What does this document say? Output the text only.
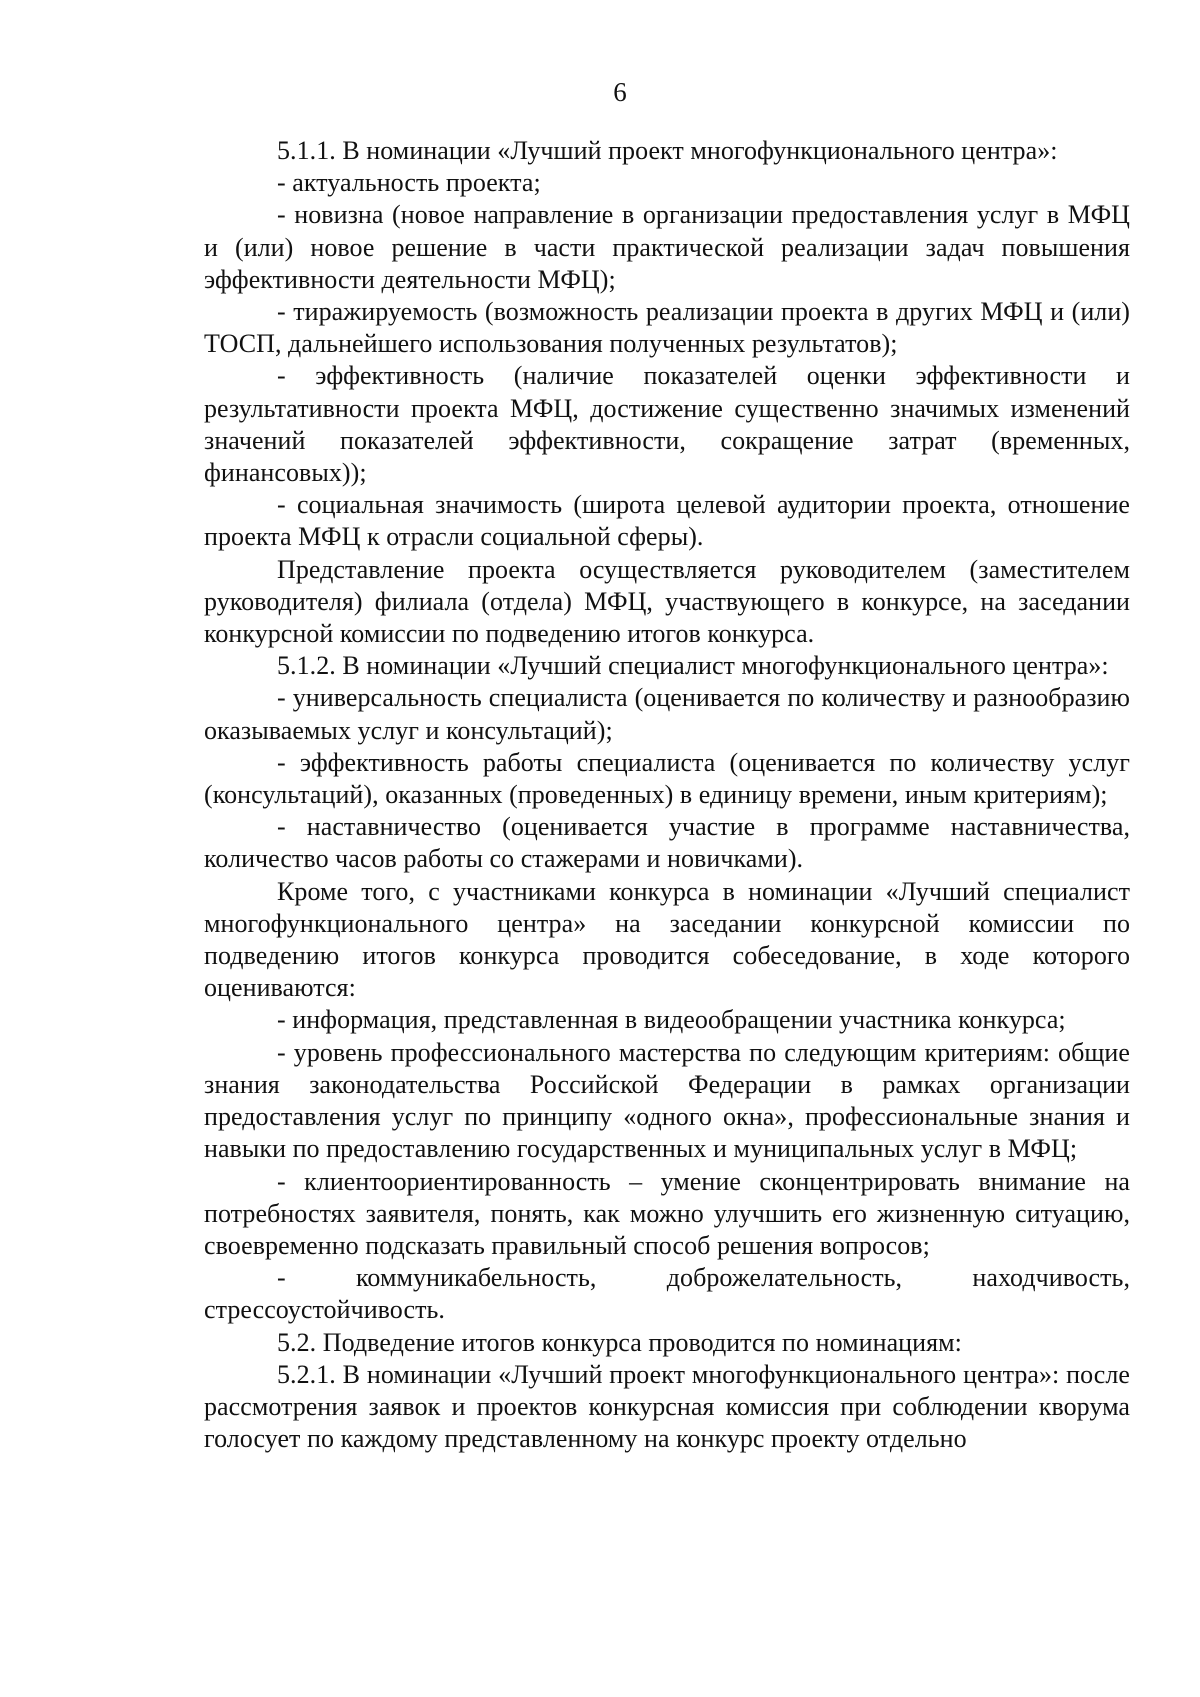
6

5.1.1. В номинации «Лучший проект многофункционального центра»:

- актуальность проекта;

- новизна (новое направление в организации предоставления услуг в МФЦ и (или) новое решение в части практической реализации задач повышения эффективности деятельности МФЦ);

- тиражируемость (возможность реализации проекта в других МФЦ и (или) ТОСП, дальнейшего использования полученных результатов);

- эффективность (наличие показателей оценки эффективности и результативности проекта МФЦ, достижение существенно значимых изменений значений показателей эффективности, сокращение затрат (временных, финансовых));

- социальная значимость (широта целевой аудитории проекта, отношение проекта МФЦ к отрасли социальной сферы).

Представление проекта осуществляется руководителем (заместителем руководителя) филиала (отдела) МФЦ, участвующего в конкурсе, на заседании конкурсной комиссии по подведению итогов конкурса.

5.1.2. В номинации «Лучший специалист многофункционального центра»:

- универсальность специалиста (оценивается по количеству и разнообразию оказываемых услуг и консультаций);

- эффективность работы специалиста (оценивается по количеству услуг (консультаций), оказанных (проведенных) в единицу времени, иным критериям);

- наставничество (оценивается участие в программе наставничества, количество часов работы со стажерами и новичками).

Кроме того, с участниками конкурса в номинации «Лучший специалист многофункционального центра» на заседании конкурсной комиссии по подведению итогов конкурса проводится собеседование, в ходе которого оцениваются:

- информация, представленная в видеообращении участника конкурса;

- уровень профессионального мастерства по следующим критериям: общие знания законодательства Российской Федерации в рамках организации предоставления услуг по принципу «одного окна», профессиональные знания и навыки по предоставлению государственных и муниципальных услуг в МФЦ;

- клиентоориентированность – умение сконцентрировать внимание на потребностях заявителя, понять, как можно улучшить его жизненную ситуацию, своевременно подсказать правильный способ решения вопросов;

- коммуникабельность, доброжелательность, находчивость, стрессоустойчивость.

5.2. Подведение итогов конкурса проводится по номинациям:

5.2.1. В номинации «Лучший проект многофункционального центра»: после рассмотрения заявок и проектов конкурсная комиссия при соблюдении кворума голосует по каждому представленному на конкурс проекту отдельно
